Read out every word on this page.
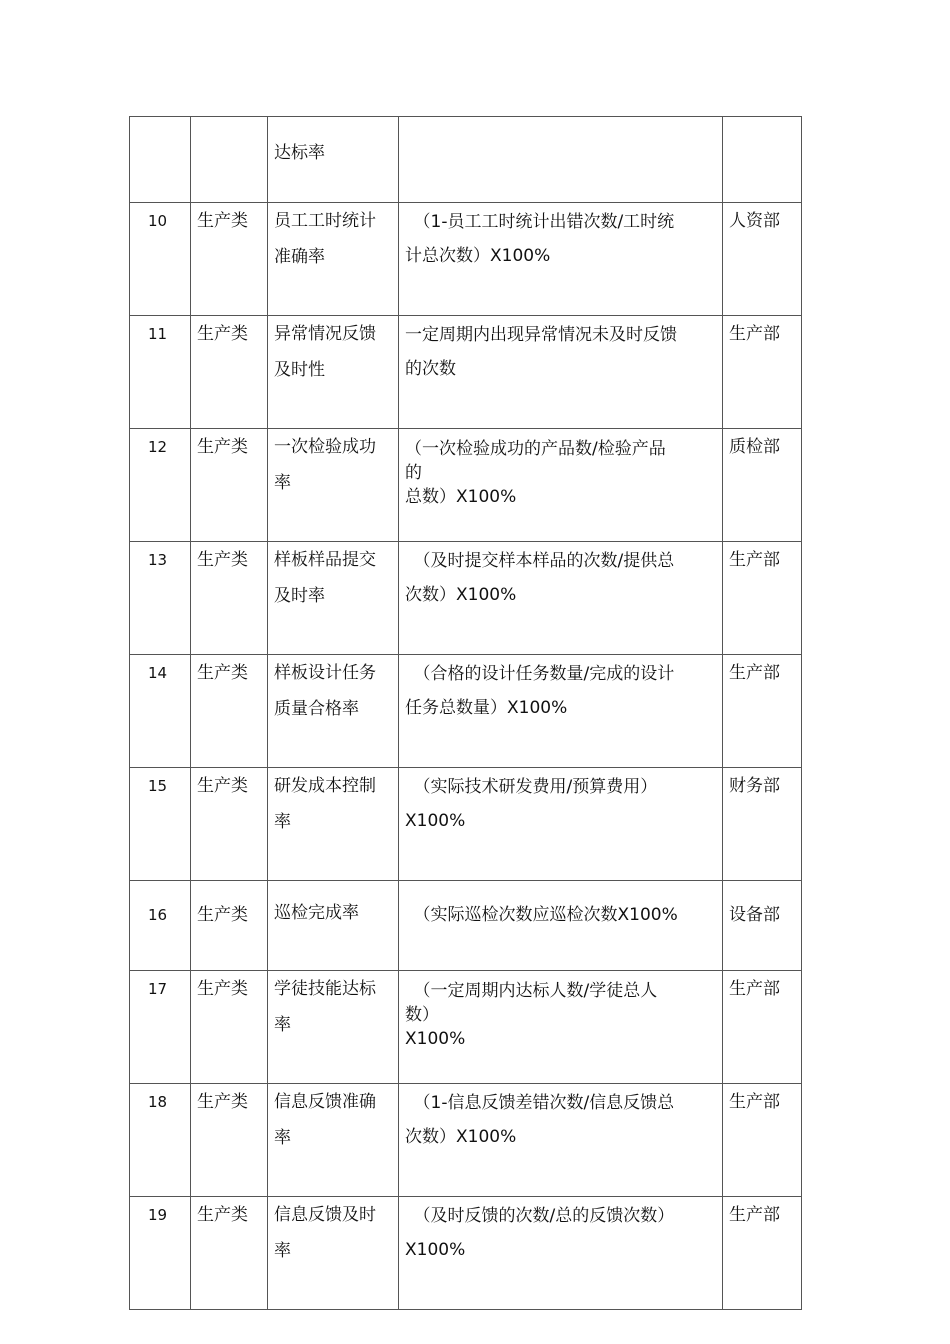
		达标率		

10	生产类	员工工时统计
准确率	　（1-员工工时统计出错次数/工时统
计总次数）X100%	人资部
11	生产类	异常情况反馈
及时性	一定周期内出现异常情况未及时反馈
的次数	生产部
12	生产类	一次检验成功
率	（一次检验成功的产品数/检验产品
的
总数）X100%	质检部
13	生产类	样板样品提交
及时率	　（及时提交样本样品的次数/提供总
次数）X100%	生产部
14	生产类	样板设计任务
质量合格率	　（合格的设计任务数量/完成的设计
任务总数量）X100%	生产部
15	生产类	研发成本控制
率	　（实际技术研发费用/预算费用）
X100%	财务部
16	生产类	巡检完成率	　（实际巡检次数应巡检次数X100%	设备部
17	生产类	学徒技能达标
率	　（一定周期内达标人数/学徒总人
数）
X100%	生产部
18	生产类	信息反馈准确
率	　（1-信息反馈差错次数/信息反馈总
次数）X100%	生产部
19	生产类	信息反馈及时
率	　（及时反馈的次数/总的反馈次数）
X100%	生产部
